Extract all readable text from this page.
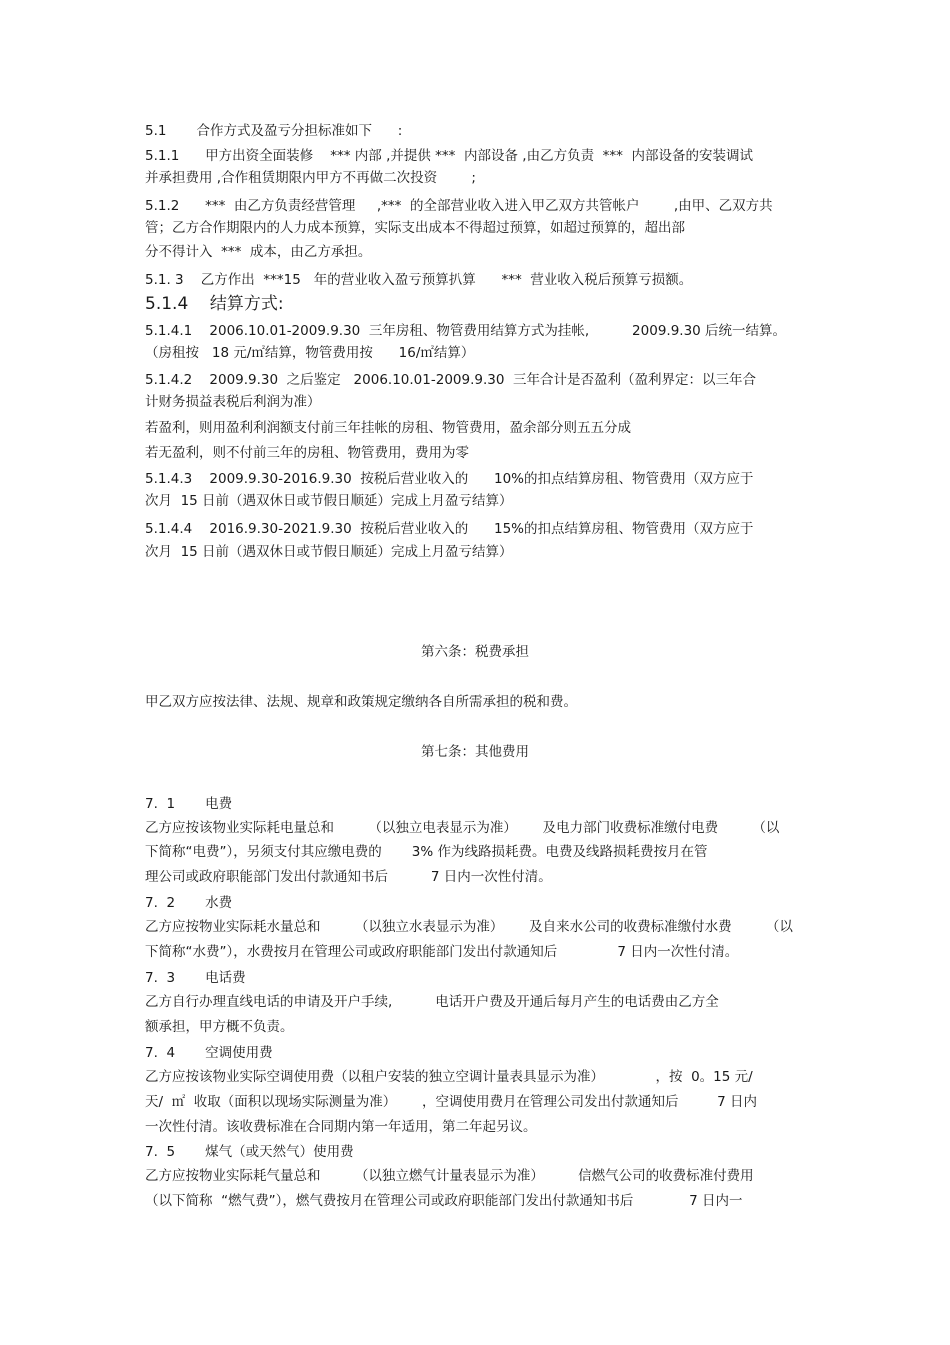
5.1       合作方式及盈亏分担标准如下      :
5.1.1      甲方出资全面装修    *** 内部 ,并提供 ***  内部设备 ,由乙方负责  ***  内部设备的安装调试
并承担费用 ,合作租赁期限内甲方不再做二次投资        ;
5.1.2      ***  由乙方负责经营管理     ,***  的全部营业收入进入甲乙双方共管帐户        ,由甲、乙双方共
管；乙方合作期限内的人力成本预算，实际支出成本不得超过预算，如超过预算的，超出部
分不得计入  ***  成本，由乙方承担。
5.1. 3    乙方作出  ***15   年的营业收入盈亏预算扒算      ***  营业收入税后预算亏损额。
5.1.4    结算方式:
5.1.4.1    2006.10.01-2009.9.30  三年房租、物管费用结算方式为挂帐,          2009.9.30 后统一结算。
（房租按   18 元/㎡结算，物管费用按      16/㎡结算）
5.1.4.2    2009.9.30  之后鉴定   2006.10.01-2009.9.30  三年合计是否盈利（盈利界定：以三年合
计财务损益表税后利润为准）
若盈利，则用盈利利润额支付前三年挂帐的房租、物管费用，盈余部分则五五分成
若无盈利，则不付前三年的房租、物管费用，费用为零
5.1.4.3    2009.9.30-2016.9.30  按税后营业收入的      10%的扣点结算房租、物管费用（双方应于
次月  15 日前（遇双休日或节假日顺延）完成上月盈亏结算）
5.1.4.4    2016.9.30-2021.9.30  按税后营业收入的      15%的扣点结算房租、物管费用（双方应于
次月  15 日前（遇双休日或节假日顺延）完成上月盈亏结算）
第六条：税费承担
甲乙双方应按法律、法规、规章和政策规定缴纳各自所需承担的税和费。
第七条：其他费用
7.  1       电费
乙方应按该物业实际耗电量总和        （以独立电表显示为准）      及电力部门收费标准缴付电费        （以
下简称“电费”），另须支付其应缴电费的       3% 作为线路损耗费。电费及线路损耗费按月在管
理公司或政府职能部门发出付款通知书后          7 日内一次性付清。
7.  2       水费
乙方应按物业实际耗水量总和        （以独立水表显示为准）      及自来水公司的收费标准缴付水费        （以
下简称“水费”），水费按月在管理公司或政府职能部门发出付款通知后              7 日内一次性付清。
7.  3       电话费
乙方自行办理直线电话的申请及开户手续,          电话开户费及开通后每月产生的电话费由乙方全
额承担，甲方概不负责。
7.  4       空调使用费
乙方应按该物业实际空调使用费（以租户安装的独立空调计量表具显示为准）            ，按  0。15 元/
天/  ㎡  收取（面积以现场实际测量为准）      ，空调使用费月在管理公司发出付款通知后         7 日内
一次性付清。该收费标准在合同期内第一年适用，第二年起另议。
7.  5       煤气（或天然气）使用费
乙方应按物业实际耗气量总和        （以独立燃气计量表显示为准）        信燃气公司的收费标准付费用
（以下简称  “燃气费”），燃气费按月在管理公司或政府职能部门发出付款通知书后             7 日内一
